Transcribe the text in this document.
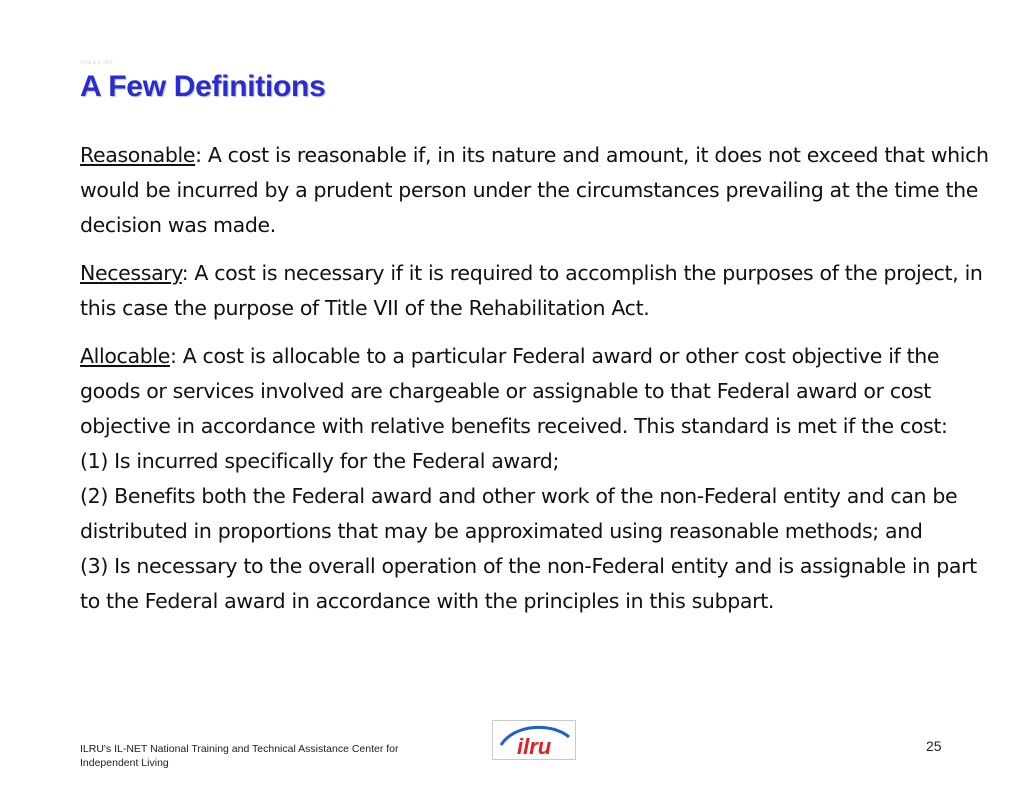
ILRU & IL-NET
A Few Definitions

Reasonable: A cost is reasonable if, in its nature and amount, it does not exceed that which would be incurred by a prudent person under the circumstances prevailing at the time the decision was made.

Necessary: A cost is necessary if it is required to accomplish the purposes of the project, in this case the purpose of Title VII of the Rehabilitation Act.

Allocable: A cost is allocable to a particular Federal award or other cost objective if the goods or services involved are chargeable or assignable to that Federal award or cost objective in accordance with relative benefits received. This standard is met if the cost:
(1) Is incurred specifically for the Federal award;
(2) Benefits both the Federal award and other work of the non-Federal entity and can be distributed in proportions that may be approximated using reasonable methods; and
(3) Is necessary to the overall operation of the non-Federal entity and is assignable in part to the Federal award in accordance with the principles in this subpart.

ILRU's IL-NET National Training and Technical Assistance Center for
Independent Living
ilru	25
